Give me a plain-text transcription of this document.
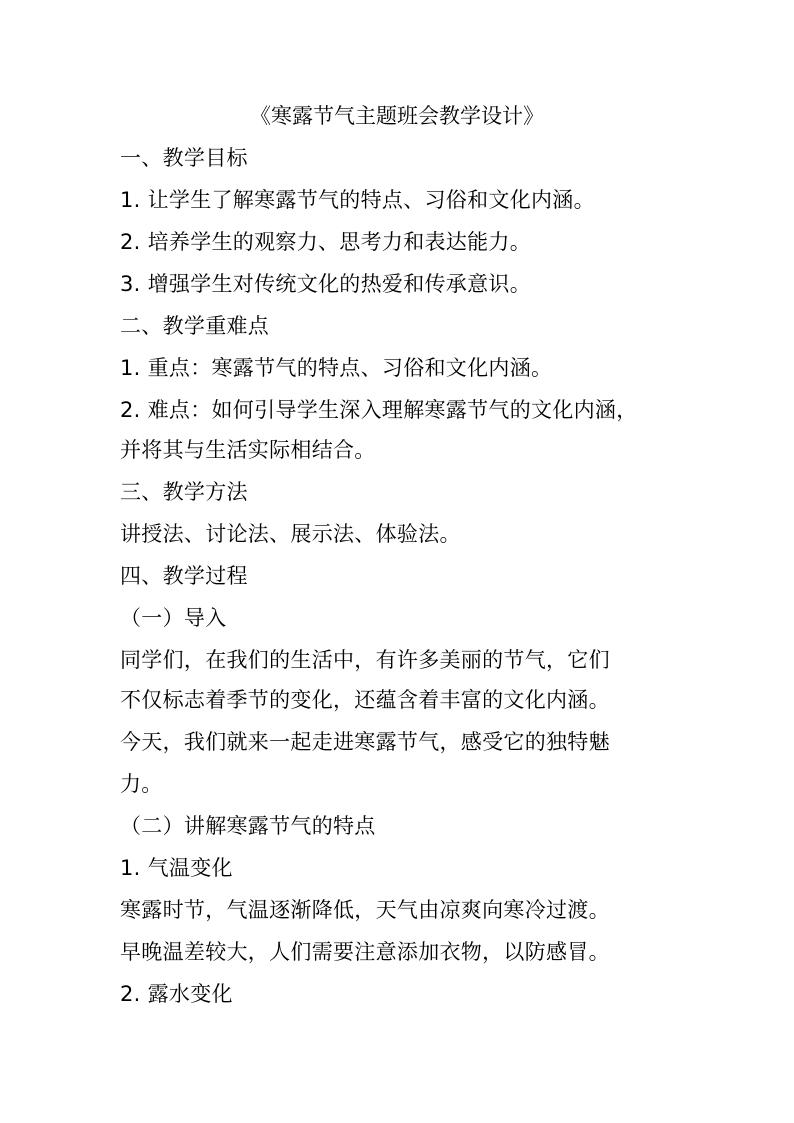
《寒露节气主题班会教学设计》
一、教学目标
1. 让学生了解寒露节气的特点、习俗和文化内涵。
2. 培养学生的观察力、思考力和表达能力。
3. 增强学生对传统文化的热爱和传承意识。
二、教学重难点
1. 重点：寒露节气的特点、习俗和文化内涵。
2. 难点：如何引导学生深入理解寒露节气的文化内涵，
并将其与生活实际相结合。
三、教学方法
讲授法、讨论法、展示法、体验法。
四、教学过程
（一）导入
同学们，在我们的生活中，有许多美丽的节气，它们
不仅标志着季节的变化，还蕴含着丰富的文化内涵。
今天，我们就来一起走进寒露节气，感受它的独特魅
力。
（二）讲解寒露节气的特点
1. 气温变化
寒露时节，气温逐渐降低，天气由凉爽向寒冷过渡。
早晚温差较大，人们需要注意添加衣物，以防感冒。
2. 露水变化
